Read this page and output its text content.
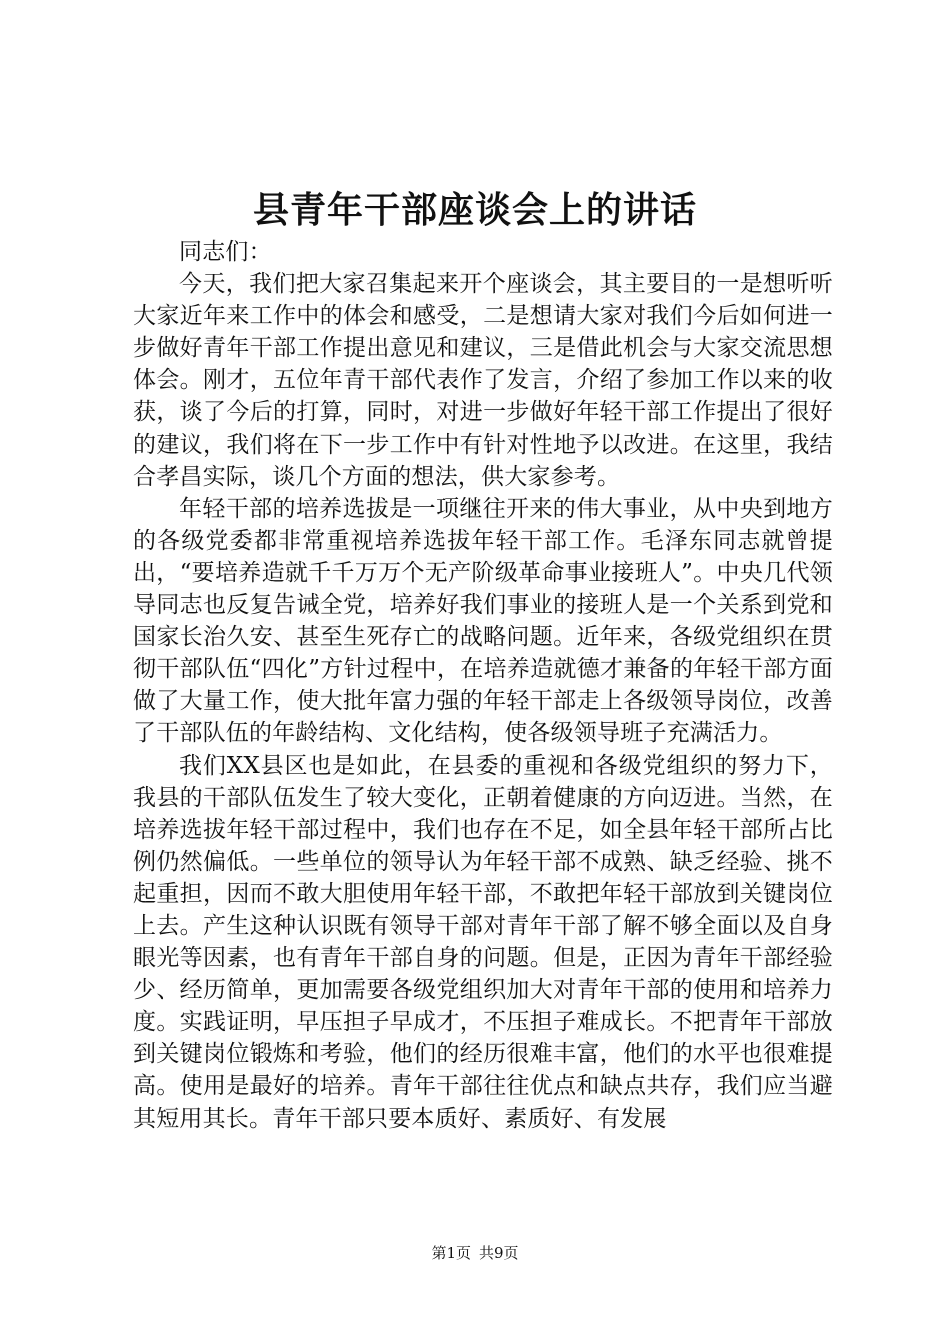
县青年干部座谈会上的讲话

同志们：

今天，我们把大家召集起来开个座谈会，其主要目的一是想听听大家近年来工作中的体会和感受，二是想请大家对我们今后如何进一步做好青年干部工作提出意见和建议，三是借此机会与大家交流思想体会。刚才，五位年青干部代表作了发言，介绍了参加工作以来的收获，谈了今后的打算，同时，对进一步做好年轻干部工作提出了很好的建议，我们将在下一步工作中有针对性地予以改进。在这里，我结合孝昌实际，谈几个方面的想法，供大家参考。

年轻干部的培养选拔是一项继往开来的伟大事业，从中央到地方的各级党委都非常重视培养选拔年轻干部工作。毛泽东同志就曾提出，“要培养造就千千万万个无产阶级革命事业接班人”。中央几代领导同志也反复告诫全党，培养好我们事业的接班人是一个关系到党和国家长治久安、甚至生死存亡的战略问题。近年来，各级党组织在贯彻干部队伍“四化”方针过程中，在培养造就德才兼备的年轻干部方面做了大量工作，使大批年富力强的年轻干部走上各级领导岗位，改善了干部队伍的年龄结构、文化结构，使各级领导班子充满活力。

我们XX县区也是如此，在县委的重视和各级党组织的努力下，我县的干部队伍发生了较大变化，正朝着健康的方向迈进。当然，在培养选拔年轻干部过程中，我们也存在不足，如全县年轻干部所占比例仍然偏低。一些单位的领导认为年轻干部不成熟、缺乏经验、挑不起重担，因而不敢大胆使用年轻干部，不敢把年轻干部放到关键岗位上去。产生这种认识既有领导干部对青年干部了解不够全面以及自身眼光等因素，也有青年干部自身的问题。但是，正因为青年干部经验少、经历简单，更加需要各级党组织加大对青年干部的使用和培养力度。实践证明，早压担子早成才，不压担子难成长。不把青年干部放到关键岗位锻炼和考验，他们的经历很难丰富，他们的水平也很难提高。使用是最好的培养。青年干部往往优点和缺点共存，我们应当避其短用其长。青年干部只要本质好、素质好、有发展

第1页 共9页
